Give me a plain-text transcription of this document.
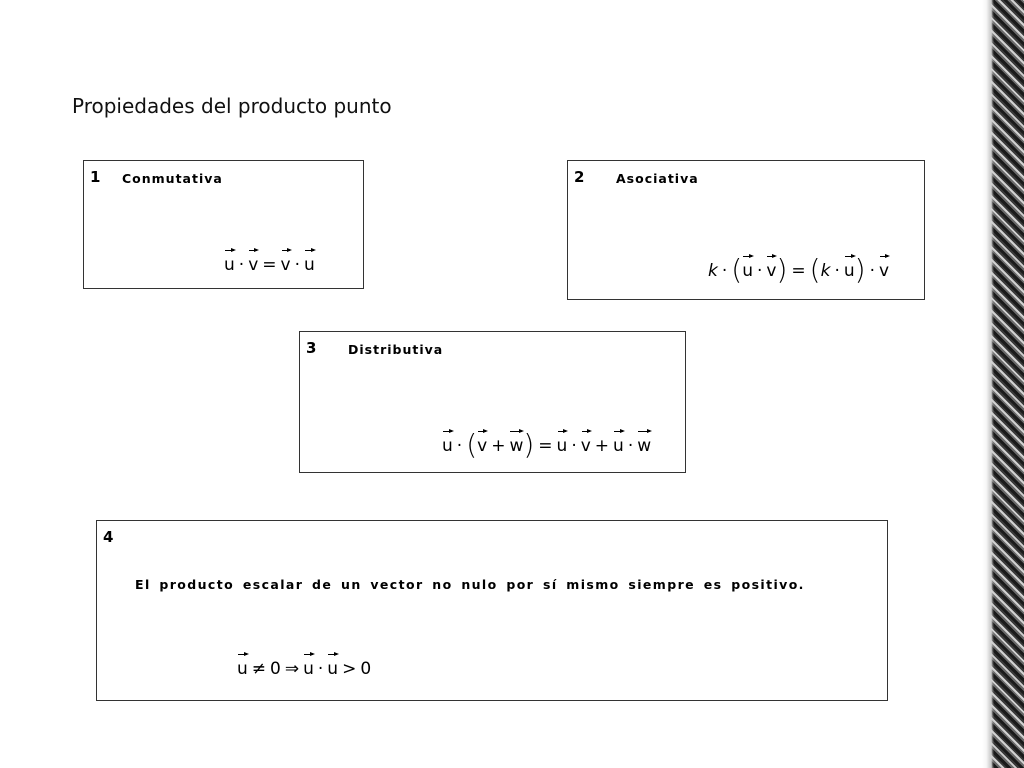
Propiedades del producto punto
1 Conmutativa
u · v = v · u
2	Asociativa
k · (u · v) = (k · u) · v
3	Distributiva
u · (v + w) = u · v + u · w
4
El producto escalar de un vector no nulo por sí mismo siempre es positivo.
u ≠ 0 ⇒ u · u > 0
